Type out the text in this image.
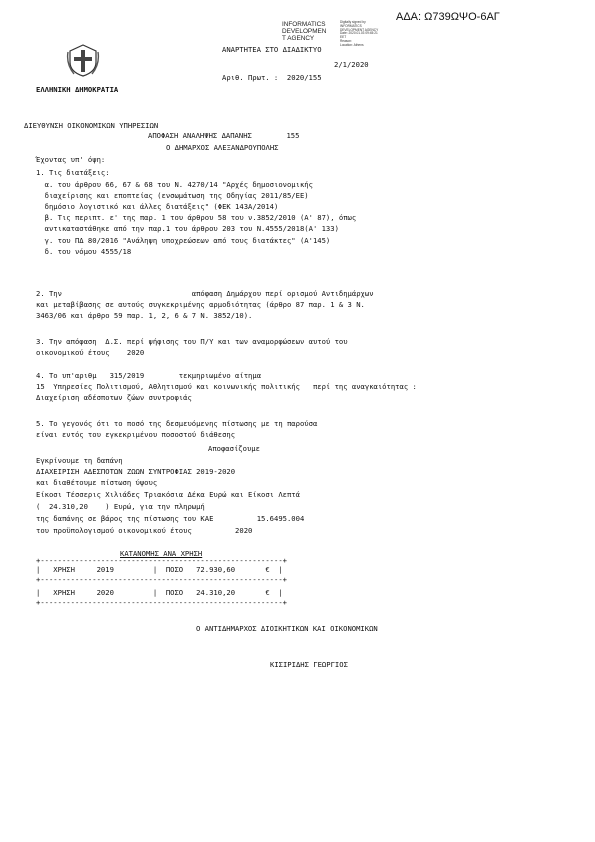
ΑΔΑ: Ω739ΩΨΟ-6ΑΓ
INFORMATICS
DEVELOPMEN
T AGENCY
Digitally signed by
INFORMATICS
DEVELOPMENT AGENCY
Date: 2020.01.03 09:45:21
EET
Reason:
Location: Athens
ΑΝΑΡΤΗΤΕΑ ΣΤΟ ΔΙΑΔΙΚΤΥΟ
2/1/2020
Αριθ. Πρωτ. :  2020/155
ΕΛΛΗΝΙΚΗ ΔΗΜΟΚΡΑΤΙΑ
ΔΙΕΥΘΥΝΣΗ ΟΙΚΟΝΟΜΙΚΩΝ ΥΠΗΡΕΣΙΩΝ
ΑΠΟΦΑΣΗ ΑΝΑΛΗΨΗΣ ΔΑΠΑΝΗΣ        155
Ο ΔΗΜΑΡΧΟΣ ΑΛΕΞΑΝΔΡΟΥΠΟΛΗΣ
Έχοντας υπ' όψη:
1. Τις διατάξεις:
α. του άρθρου 66, 67 & 68 του Ν. 4270/14 "Αρχές δημοσιονομικής
διαχείρισης και εποπτείας (ενσωμάτωση της Οδηγίας 2011/85/ΕΕ)
δημόσιο λογιστικό και άλλες διατάξεις" (ΦΕΚ 143Α/2014)
β. Τις περιπτ. ε' της παρ. 1 του άρθρου 58 του ν.3852/2010 (Α' 87), όπως
αντικαταστάθηκε από την παρ.1 του άρθρου 203 του Ν.4555/2018(Α' 133)
γ. του ΠΔ 80/2016 "Ανάληψη υποχρεώσεων από τους διατάκτες" (Α'145)
δ. του νόμου 4555/18
2. Την                              απόφαση Δημάρχου περί ορισμού Αντιδημάρχων
και μεταβίβασης σε αυτούς συγκεκριμένης αρμοδιότητας (άρθρο 87 παρ. 1 & 3 Ν.
3463/06 και άρθρο 59 παρ. 1, 2, 6 & 7 Ν. 3852/10).
3. Την απόφαση  Δ.Σ. περί ψήφισης του Π/Υ και των αναμορφώσεων αυτού του
οικονομικού έτους    2020
4. Το υπ'αριθμ   315/2019        τεκμηριωμένο αίτημα
15  Υπηρεσίες Πολιτισμού, Αθλητισμού και κοινωνικής πολιτικής   περί της αναγκαιότητας :
Διαχείριση αδέσποτων ζώων συντροφιάς
5. Το γεγονός ότι το ποσό της δεσμευόμενης πίστωσης με τη παρούσα
είναι εντός του εγκεκριμένου ποσοστού διάθεσης
Αποφασίζουμε
Εγκρίνουμε τη δαπάνη
ΔΙΑΧΕΙΡΙΣΗ ΑΔΕΣΠΟΤΩΝ ΖΩΩΝ ΣΥΝΤΡΟΦΙΑΣ 2019-2020
και διαθέτουμε πίστωση ύψους
Είκοσι Τέσσερις Χιλιάδες Τριακόσια Δέκα Ευρώ και Είκοσι Λεπτά
(  24.310,20    ) Ευρώ, για την πληρωμή
της δαπάνης σε βάρος της πίστωσης του ΚΑΕ          15.6495.004
του προϋπολογισμού οικονομικού έτους          2020
ΚΑΤΑΝΟΜΗΣ ΑΝΑ ΧΡΗΣΗ
+--------------------------------------------------------+
|   ΧΡΗΣΗ     2019         |  ΠΟΣΟ   72.930,60       €  |
+--------------------------------------------------------+
|   ΧΡΗΣΗ     2020         |  ΠΟΣΟ   24.310,20       €  |
+--------------------------------------------------------+
Ο ΑΝΤΙΔΗΜΑΡΧΟΣ ΔΙΟΙΚΗΤΙΚΩΝ ΚΑΙ ΟΙΚΟΝΟΜΙΚΩΝ
ΚΙΣΙΡΙΔΗΣ ΓΕΩΡΓΙΟΣ
